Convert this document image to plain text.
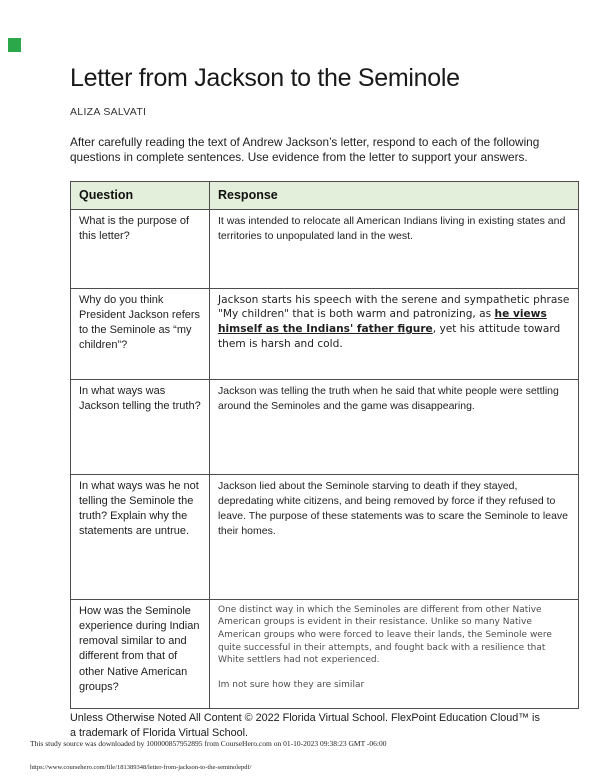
Letter from Jackson to the Seminole
ALIZA SALVATI

After carefully reading the text of Andrew Jackson’s letter, respond to each of the following questions in complete sentences. Use evidence from the letter to support your answers.

Question	Response
What is the purpose of this letter?	It was intended to relocate all American Indians living in existing states and territories to unpopulated land in the west.
Why do you think President Jackson refers to the Seminole as “my children”?	Jackson starts his speech with the serene and sympathetic phrase "My children" that is both warm and patronizing, as he views himself as the Indians' father figure, yet his attitude toward them is harsh and cold.
In what ways was Jackson telling the truth?	Jackson was telling the truth when he said that white people were settling around the Seminoles and the game was disappearing.
In what ways was he not telling the Seminole the truth? Explain why the statements are untrue.	Jackson lied about the Seminole starving to death if they stayed, depredating white citizens, and being removed by force if they refused to leave. The purpose of these statements was to scare the Seminole to leave their homes.
How was the Seminole experience during Indian removal similar to and different from that of other Native American groups?	One distinct way in which the Seminoles are different from other Native American groups is evident in their resistance. Unlike so many Native American groups who were forced to leave their lands, the Seminole were quite successful in their attempts, and fought back with a resilience that White settlers had not experienced.

Im not sure how they are similar

Unless Otherwise Noted All Content © 2022 Florida Virtual School. FlexPoint Education Cloud™ is a trademark of Florida Virtual School.
This study source was downloaded by 100000857952895 from CourseHero.com on 01-10-2023 09:38:23 GMT -06:00
https://www.coursehero.com/file/181389348/letter-from-jackson-to-the-seminolepdf/
